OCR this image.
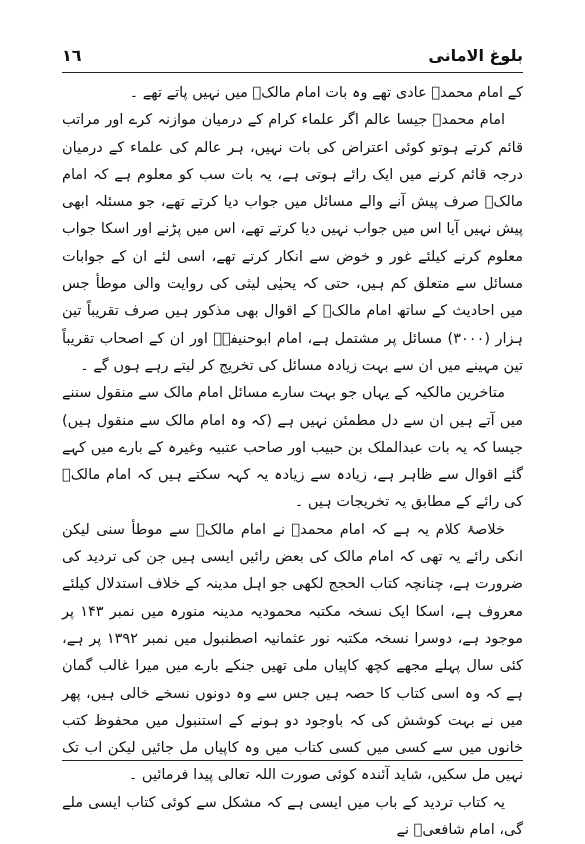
١٦	بلوغ الامانی

کے امام محمدؒ عادی تھے وہ بات امام مالکؒ میں نہیں پاتے تھے ۔

امام محمدؒ جیسا عالم اگر علماء کرام کے درمیان موازنہ کرے اور مراتب قائم کرتے ہوتو کوئی اعتراض کی بات نہیں، ہر عالم کی علماء کے درمیان درجہ قائم کرنے میں ایک رائے ہوتی ہے، یہ بات سب کو معلوم ہے کہ امام مالکؒ صرف پیش آنے والے مسائل میں جواب دیا کرتے تھے، جو مسئلہ ابھی پیش نہیں آیا اس میں جواب نہیں دیا کرتے تھے، اس میں پڑنے اور اسکا جواب معلوم کرنے کیلئے غور و خوض سے انکار کرتے تھے، اسی لئے ان کے جوابات مسائل سے متعلق کم ہیں، حتی کہ یحیٰی لیثی کی روایت والی موطأ جس میں احادیث کے ساتھ امام مالکؒ کے اقوال بھی مذکور ہیں صرف تقریباً تین ہزار (۳۰۰۰) مسائل پر مشتمل ہے، امام ابوحنیفہؒ اور ان کے اصحاب تقریباً تین مہینے میں ان سے بہت زیادہ مسائل کی تخریج کر لیتے رہے ہوں گے ۔

متاخرین مالکیہ کے یہاں جو بہت سارے مسائل امام مالک سے منقول سننے میں آتے ہیں ان سے دل مطمئن نہیں ہے (کہ وہ امام مالک سے منقول ہیں) جیسا کہ یہ بات عبدالملک بن حبیب اور صاحب عتبیہ وغیرہ کے بارے میں کہے گئے اقوال سے ظاہر ہے، زیادہ سے زیادہ یہ کہہ سکتے ہیں کہ امام مالکؒ کی رائے کے مطابق یہ تخریجات ہیں ۔

خلاصۂ کلام یہ ہے کہ امام محمدؒ نے امام مالکؒ سے موطأ سنی لیکن انکی رائے یہ تھی کہ امام مالک کی بعض رائیں ایسی ہیں جن کی تردید کی ضرورت ہے، چنانچہ کتاب الحجج لکھی جو اہل مدینہ کے خلاف استدلال کیلئے معروف ہے، اسکا ایک نسخہ مکتبہ محمودیہ مدینہ منورہ میں نمبر ۱۴۳ پر موجود ہے، دوسرا نسخہ مکتبہ نور عثمانیہ اصطنبول میں نمبر ۱۳۹۲ پر ہے، کئی سال پہلے مجھے کچھ کاپیاں ملی تھیں جنکے بارے میں میرا غالب گمان ہے کہ وہ اسی کتاب کا حصہ ہیں جس سے وہ دونوں نسخے خالی ہیں، پھر میں نے بہت کوشش کی کہ باوجود دو ہونے کے استنبول میں محفوظ کتب خانوں میں سے کسی میں کسی کتاب میں وہ کاپیاں مل جائیں لیکن اب تک نہیں مل سکیں، شاید آئندہ کوئی صورت اللہ تعالی پیدا فرمائیں ۔

یہ کتاب تردید کے باب میں ایسی ہے کہ مشکل سے کوئی کتاب ایسی ملے گی، امام شافعیؒ نے
